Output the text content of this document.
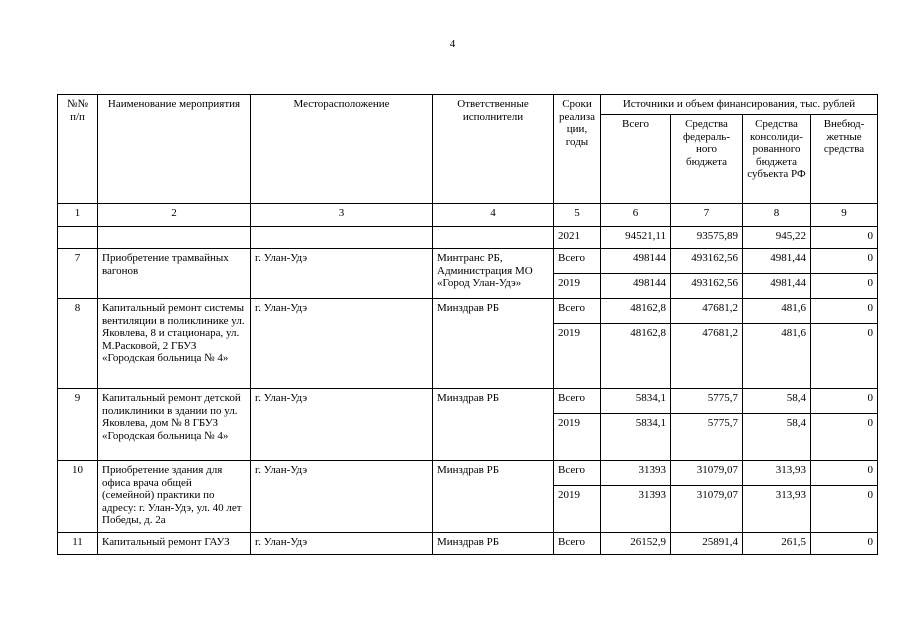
4
№№ п/п	Наименование мероприятия	Месторасположение	Ответственные исполнители	Сроки реализа ции, годы	Источники и объем финансирования, тыс. рублей			
					Всего	Средства федераль- ного бюджета	Средства консолиди- рованного бюджета субъекта РФ	Внебюд- жетные средства
1	2	3	4	5	6	7	8	9
				2021	94521,11	93575,89	945,22	0
7	Приобретение трамвайных вагонов	г. Улан-Удэ	Минтранс РБ, Администрация МО «Город Улан-Удэ»	Всего	498144	493162,56	4981,44	0
				2019	498144	493162,56	4981,44	0
8	Капитальный ремонт системы вентиляции в поликлинике ул. Яковлева, 8 и стационара, ул. М.Расковой, 2 ГБУЗ «Городская больница № 4»	г. Улан-Удэ	Минздрав РБ	Всего	48162,8	47681,2	481,6	0
				2019	48162,8	47681,2	481,6	0
9	Капитальный ремонт детской поликлиники в здании по ул. Яковлева, дом № 8 ГБУЗ «Городская больница № 4»	г. Улан-Удэ	Минздрав РБ	Всего	5834,1	5775,7	58,4	0
				2019	5834,1	5775,7	58,4	0
10	Приобретение здания для офиса врача общей (семейной) практики по адресу: г. Улан-Удэ, ул. 40 лет Победы, д. 2а	г. Улан-Удэ	Минздрав РБ	Всего	31393	31079,07	313,93	0
				2019	31393	31079,07	313,93	0
11	Капитальный ремонт ГАУЗ	г. Улан-Удэ	Минздрав РБ	Всего	26152,9	25891,4	261,5	0
